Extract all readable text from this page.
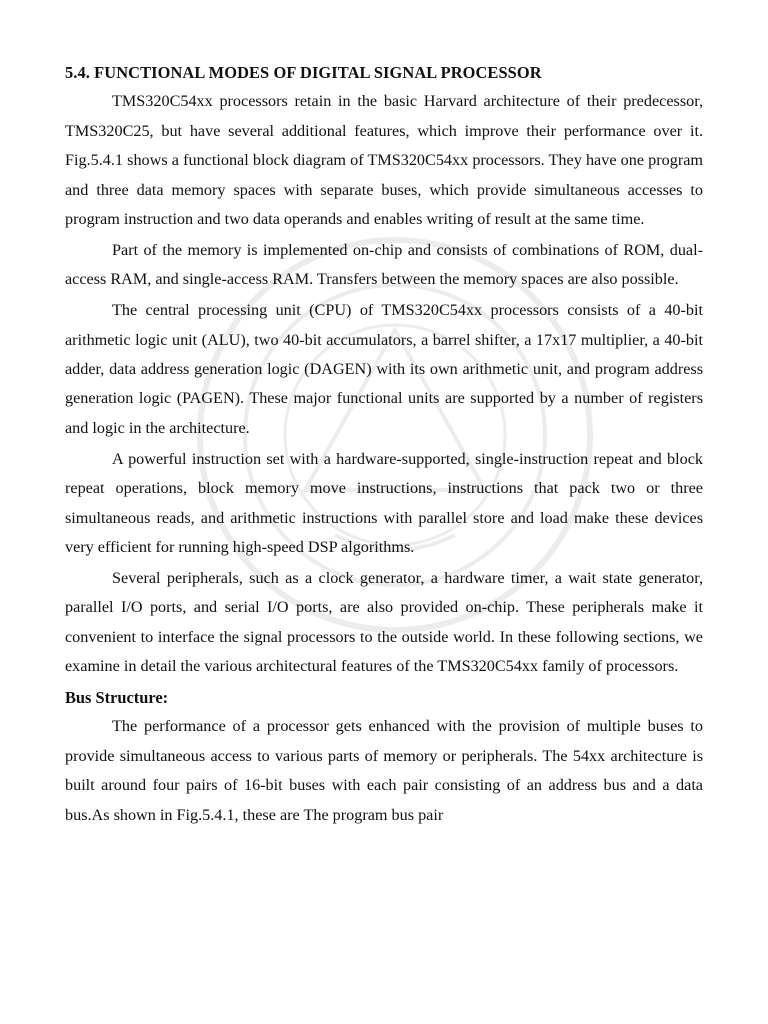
5.4. FUNCTIONAL MODES OF DIGITAL SIGNAL PROCESSOR

TMS320C54xx processors retain in the basic Harvard architecture of their predecessor, TMS320C25, but have several additional features, which improve their performance over it. Fig.5.4.1 shows a functional block diagram of TMS320C54xx processors. They have one program and three data memory spaces with separate buses, which provide simultaneous accesses to program instruction and two data operands and enables writing of result at the same time.

Part of the memory is implemented on-chip and consists of combinations of ROM, dual-access RAM, and single-access RAM. Transfers between the memory spaces are also possible.

The central processing unit (CPU) of TMS320C54xx processors consists of a 40-bit arithmetic logic unit (ALU), two 40-bit accumulators, a barrel shifter, a 17x17 multiplier, a 40-bit adder, data address generation logic (DAGEN) with its own arithmetic unit, and program address generation logic (PAGEN). These major functional units are supported by a number of registers and logic in the architecture.

A powerful instruction set with a hardware-supported, single-instruction repeat and block repeat operations, block memory move instructions, instructions that pack two or three simultaneous reads, and arithmetic instructions with parallel store and load make these devices very efficient for running high-speed DSP algorithms.

Several peripherals, such as a clock generator, a hardware timer, a wait state generator, parallel I/O ports, and serial I/O ports, are also provided on-chip. These peripherals make it convenient to interface the signal processors to the outside world. In these following sections, we examine in detail the various architectural features of the TMS320C54xx family of processors.

Bus Structure:

The performance of a processor gets enhanced with the provision of multiple buses to provide simultaneous access to various parts of memory or peripherals. The 54xx architecture is built around four pairs of 16-bit buses with each pair consisting of an address bus and a data bus.As shown in Fig.5.4.1, these are The program bus pair
